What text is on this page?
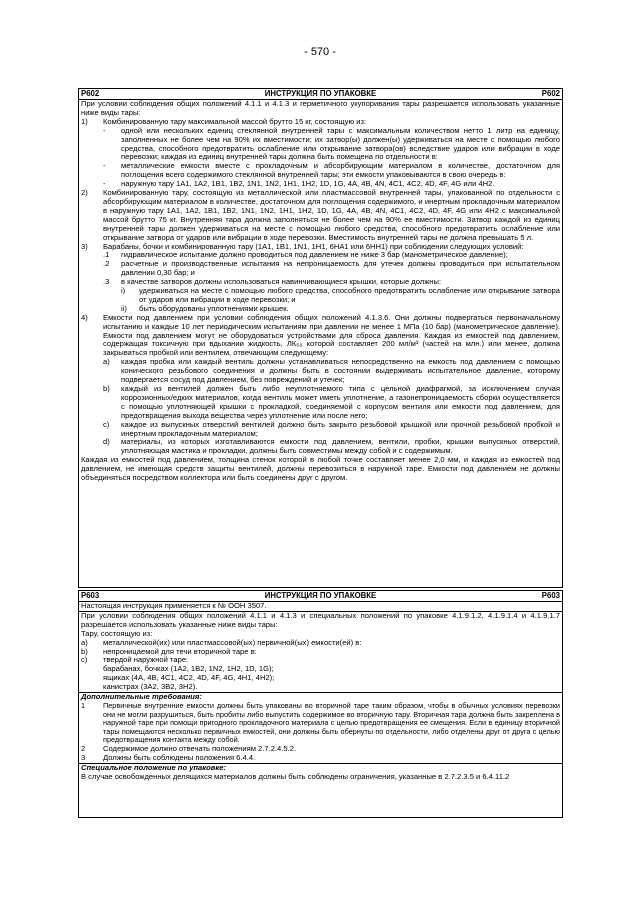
- 570 -
P602	ИНСТРУКЦИЯ ПО УПАКОВКЕ	P602

При условии соблюдения общих положений 4.1.1 и 4.1.3 и герметичного укупоривания тары разрешается использовать указанные ниже виды тары:

1)	Комбинированную тару максимальной массой брутто 15 кг, состоящую из:
-	одной или нескольких единиц стеклянной внутренней тары с максимальным количеством нетто 1 литр на единицу, заполненных не более чем на 90% их вместимости; их затвор(ы) должен(ы) удерживаться на месте с помощью любого средства, способного предотвратить ослабление или открывание затвора(ов) вследствие ударов или вибрации в ходе перевозки; каждая из единиц внутренней тары должна быть помещена по отдельности в:
-	металлические емкости вместе с прокладочным и абсорбирующим материалом в количестве, достаточном для поглощения всего содержимого стеклянной внутренней тары; эти емкости упаковываются в свою очередь в:
-	наружную тару 1А1, 1А2, 1В1, 1В2, 1N1, 1N2, 1Н1, 1Н2, 1D, 1G, 4А, 4В, 4N, 4С1, 4С2, 4D, 4F, 4G или 4Н2.
2)	Комбинированную тару, состоящую из металлической или пластмассовой внутренней тары, упакованной по отдельности с абсорбирующим материалом в количестве, достаточном для поглощения содержимого, и инертным прокладочным материалом в наружную тару 1А1, 1А2, 1В1, 1В2, 1N1, 1N2, 1Н1, 1Н2, 1D, 1G, 4А, 4В, 4N, 4С1, 4С2, 4D, 4F, 4G или 4Н2 с максимальной массой брутто 75 кг. Внутренняя тара должна заполняться не более чем на 90% ее вместимости. Затвор каждой из единиц внутренней тары должен удерживаться на месте с помощью любого средства, способного предотвратить ослабление или открывание затвора от ударов или вибрации в ходе перевозки. Вместимость внутренней тары не должна превышать 5 л.
3)	Барабаны, бочки и комбинированную тару (1А1, 1В1, 1N1, 1Н1, 6НА1 или 6НН1) при соблюдении следующих условий:
.1	гидравлическое испытание должно проводиться под давлением не ниже 3 бар (манометрическое давление);
.2	расчетные и производственные испытания на непроницаемость для утечек должны проводиться при испытательном давлении 0,30 бар; и
.3	в качестве затворов должны использоваться навинчивающиеся крышки, которые должны:
i)	удерживаться на месте с помощью любого средства, способного предотвратить ослабление или открывание затвора от ударов или вибрации в ходе перевозки; и
ii)	быть оборудованы уплотнениями крышек.
4)	Емкости под давлением при условии соблюдения общих положений 4.1.3.6. Они должны подвергаться первоначальному испытанию и каждые 10 лет периодическим испытаниям при давлении не менее 1 МПа (10 бар) (манометрическое давление). Емкости под давлением могут не оборудоваться устройствами для сброса давления. Каждая из емкостей под давлением, содержащая токсичную при вдыхании жидкость, ЛК₅₀ которой составляет 200 мл/м³ (частей на млн.) или менее, должна закрываться пробкой или вентилем, отвечающим следующему:
a)	каждая пробка или каждый вентиль должны устанавливаться непосредственно на емкость под давлением с помощью конического резьбового соединения и должны быть в состоянии выдерживать испытательное давление, которому подвергается сосуд под давлением, без повреждений и утечек;
b)	каждый из вентилей должен быть либо неуплотняемого типа с цельной диафрагмой, за исключением случая коррозионных/едких материалов, когда вентиль может иметь уплотнение, а газонепроницаемость сборки осуществляется с помощью уплотняющей крышки с прокладкой, соединяемой с корпусом вентиля или емкости под давлением, для предотвращения выхода вещества через уплотнение или после него;
c)	каждое из выпускных отверстий вентилей должно быть закрыто резьбовой крышкой или прочной резьбовой пробкой и инертным прокладочным материалом;
d)	материалы, из которых изготавливаются емкости под давлением, вентили, пробки, крышки выпускных отверстий, уплотняющая мастика и прокладки, должны быть совместимы между собой и с содержимым.

Каждая из емкостей под давлением, толщина стенок которой в любой точке составляет менее 2,0 мм, и каждая из емкостей под давлением, не имеющая средств защиты вентилей, должны перевозиться в наружной таре. Емкости под давлением не должны объединяться посредством коллектора или быть соединены друг с другом.

P603	ИНСТРУКЦИЯ ПО УПАКОВКЕ	P603

Настоящая инструкция применяется к № ООН 3507.

При условии соблюдения общих положений 4.1.1 и 4.1.3 и специальных положений по упаковке 4.1.9.1.2, 4.1.9.1.4 и 4.1.9.1.7 разрешается использовать указанные ниже виды тары:

Тару, состоящую из:

a)	металлической(их) или пластмассовой(ых) первичной(ых) емкости(ей) в:
b)	непроницаемой для течи вторичной таре в:
c)	твердой наружной таре:
барабанах, бочках (1А2, 1В2, 1N2, 1Н2, 1D, 1G);
ящиках (4А, 4В, 4С1, 4С2, 4D, 4F, 4G, 4Н1, 4Н2);
канистрах (3А2, 3В2, 3Н2).
Дополнительные требования:
1	Первичные внутренние емкости должны быть упакованы во вторичной таре таким образом, чтобы в обычных условиях перевозки они не могли разрушиться, быть пробиты либо выпустить содержимое во вторичную тару. Вторичная тара должна быть закреплена в наружной таре при помощи пригодного прокладочного материала с целью предотвращения ее смещения. Если в единицу вторичной тары помещаются несколько первичных емкостей, они должны быть обернуты по отдельности, либо отделены друг от друга с целью предотвращения контакта между собой.
2	Содержимое должно отвечать положениям 2.7.2.4.5.2.
3	Должны быть соблюдены положения 6.4.4.
Специальное положение по упаковке:

В случае освобожденных делящихся материалов должны быть соблюдены ограничения, указанные в 2.7.2.3.5 и 6.4.11.2
